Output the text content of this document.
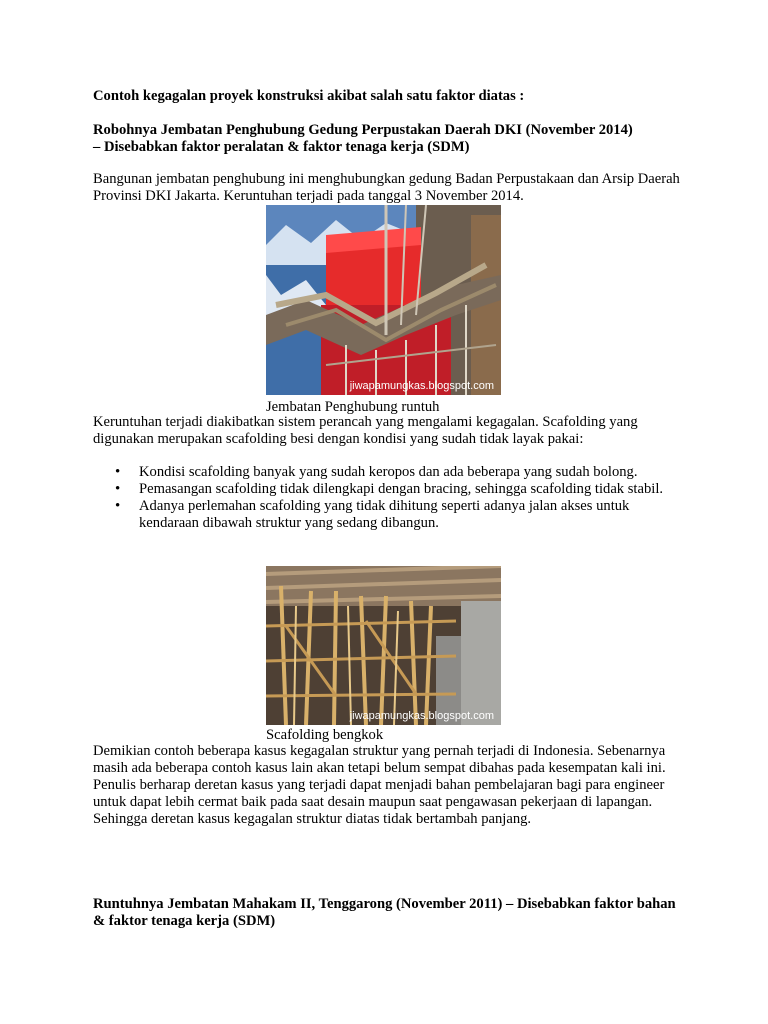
Contoh kegagalan proyek konstruksi akibat salah satu faktor diatas :

Robohnya Jembatan Penghubung Gedung Perpustakan Daerah DKI (November 2014)
– Disebabkan faktor peralatan & faktor tenaga kerja (SDM)

Bangunan jembatan penghubung ini menghubungkan gedung Badan Perpustakaan dan Arsip Daerah Provinsi DKI Jakarta. Keruntuhan terjadi pada tanggal 3 November 2014.

jiwapamungkas.blogspot.com

Jembatan Penghubung runtuh

Keruntuhan terjadi diakibatkan sistem perancah yang mengalami kegagalan. Scafolding yang digunakan merupakan scafolding besi dengan kondisi yang sudah tidak layak pakai:

• Kondisi scafolding banyak yang sudah keropos dan ada beberapa yang sudah bolong.
• Pemasangan scafolding tidak dilengkapi dengan bracing, sehingga scafolding tidak stabil.
• Adanya perlemahan scafolding yang tidak dihitung seperti adanya jalan akses untuk kendaraan dibawah struktur yang sedang dibangun.
jiwapamungkas.blogspot.com

Scafolding bengkok

Demikian contoh beberapa kasus kegagalan struktur yang pernah terjadi di Indonesia. Sebenarnya masih ada beberapa contoh kasus lain akan tetapi belum sempat dibahas pada kesempatan kali ini. Penulis berharap deretan kasus yang terjadi dapat menjadi bahan pembelajaran bagi para engineer untuk dapat lebih cermat baik pada saat desain maupun saat pengawasan pekerjaan di lapangan. Sehingga deretan kasus kegagalan struktur diatas tidak bertambah panjang.

Runtuhnya Jembatan Mahakam II, Tenggarong (November 2011) – Disebabkan faktor bahan & faktor tenaga kerja (SDM)
